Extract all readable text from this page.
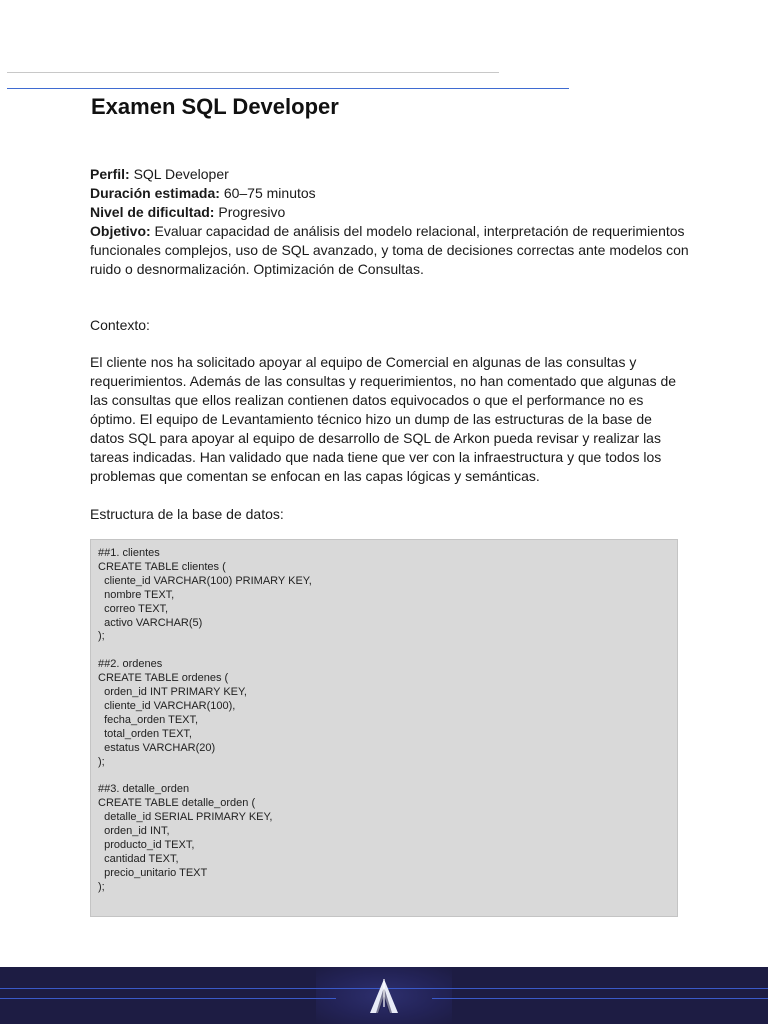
Examen SQL Developer
Perfil: SQL Developer
Duración estimada: 60–75 minutos
Nivel de dificultad: Progresivo
Objetivo: Evaluar capacidad de análisis del modelo relacional, interpretación de requerimientos funcionales complejos, uso de SQL avanzado, y toma de decisiones correctas ante modelos con ruido o desnormalización. Optimización de Consultas.

Contexto:

El cliente nos ha solicitado apoyar al equipo de Comercial en algunas de las consultas y requerimientos. Además de las consultas y requerimientos, no han comentado que algunas de las consultas que ellos realizan contienen datos equivocados o que el performance no es óptimo. El equipo de Levantamiento técnico hizo un dump de las estructuras de la base de datos SQL para apoyar al equipo de desarrollo de SQL de Arkon pueda revisar y realizar las tareas indicadas. Han validado que nada tiene que ver con la infraestructura y que todos los problemas que comentan se enfocan en las capas lógicas y semánticas.

Estructura de la base de datos:

##1. clientes
CREATE TABLE clientes (
cliente_id VARCHAR(100) PRIMARY KEY,
nombre TEXT,
correo TEXT,
activo VARCHAR(5)
);
##2. ordenes
CREATE TABLE ordenes (
orden_id INT PRIMARY KEY,
cliente_id VARCHAR(100),
fecha_orden TEXT,
total_orden TEXT,
estatus VARCHAR(20)
);
##3. detalle_orden
CREATE TABLE detalle_orden (
detalle_id SERIAL PRIMARY KEY,
orden_id INT,
producto_id TEXT,
cantidad TEXT,
precio_unitario TEXT
);
